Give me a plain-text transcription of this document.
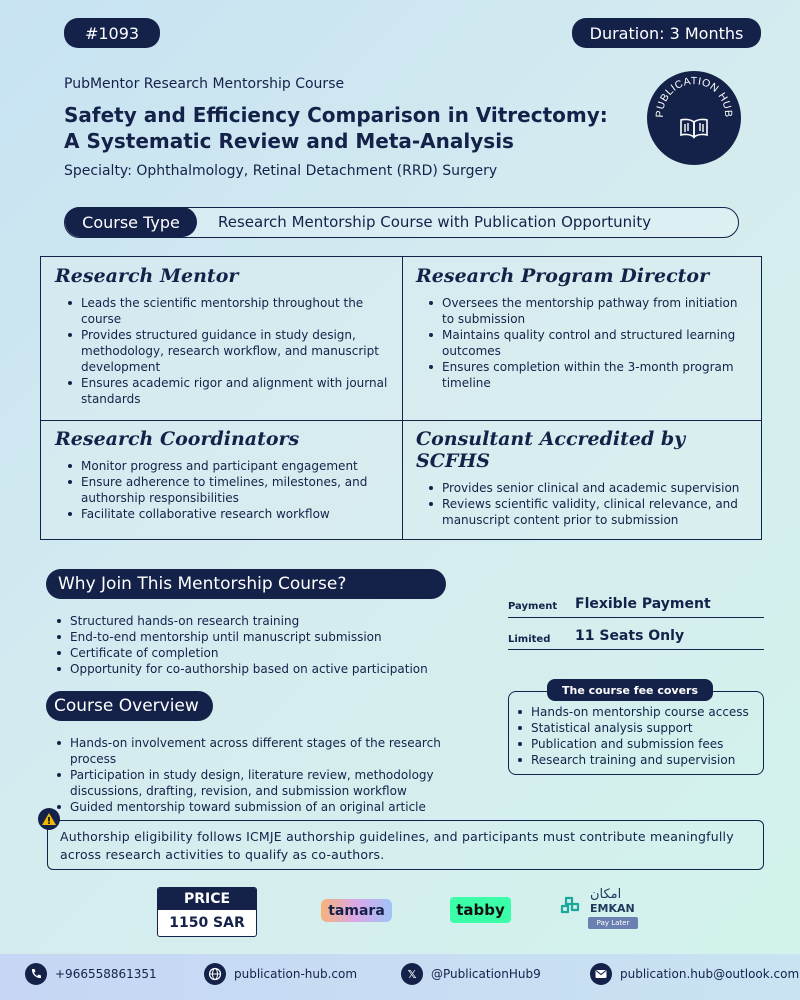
#1093	Duration: 3 Months
PubMentor Research Mentorship Course
Safety and Efficiency Comparison in Vitrectomy:
A Systematic Review and Meta-Analysis
Specialty: Ophthalmology, Retinal Detachment (RRD) Surgery
PUBLICATION HUB
Course Type	Research Mentorship Course with Publication Opportunity
Research Mentor
Leads the scientific mentorship throughout the course
Provides structured guidance in study design, methodology, research workflow, and manuscript development
Ensures academic rigor and alignment with journal standards
Research Program Director
Oversees the mentorship pathway from initiation to submission
Maintains quality control and structured learning outcomes
Ensures completion within the 3-month program timeline
Research Coordinators
Monitor progress and participant engagement
Ensure adherence to timelines, milestones, and authorship responsibilities
Facilitate collaborative research workflow
Consultant Accredited by SCFHS
Provides senior clinical and academic supervision
Reviews scientific validity, clinical relevance, and manuscript content prior to submission
Why Join This Mentorship Course?
Structured hands-on research training
End-to-end mentorship until manuscript submission
Certificate of completion
Opportunity for co-authorship based on active participation
Course Overview
Hands-on involvement across different stages of the research process
Participation in study design, literature review, methodology discussions, drafting, revision, and submission workflow
Guided mentorship toward submission of an original article
Payment Flexible Payment
Limited 11 Seats Only
Hands-on mentorship course access
Statistical analysis support
Publication and submission fees
Research training and supervision
The course fee covers
Authorship eligibility follows ICMJE authorship guidelines, and participants must contribute meaningfully across research activities to qualify as co-authors.
PRICE
1150 SAR
tamara	tabby
امكان
EMKAN
Pay Later
+966558861351	publication-hub.com	𝕏	@PublicationHub9	publication.hub@outlook.com
